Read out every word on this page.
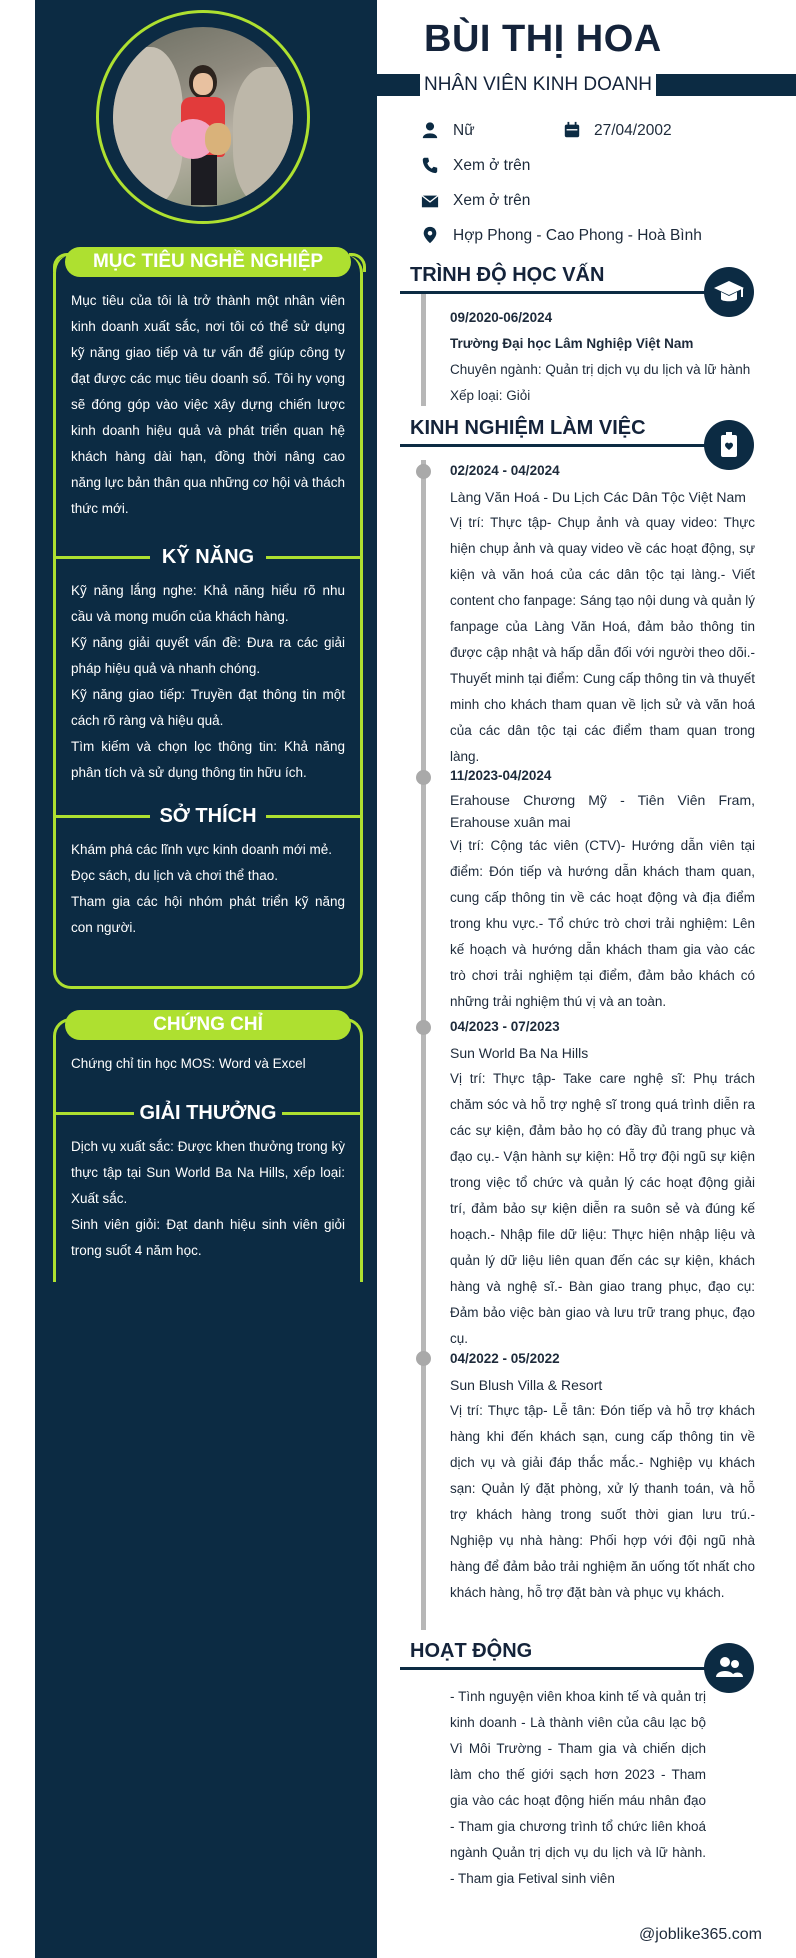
MỤC TIÊU NGHỀ NGHIỆP
Mục tiêu của tôi là trở thành một nhân viên kinh doanh xuất sắc, nơi tôi có thể sử dụng kỹ năng giao tiếp và tư vấn để giúp công ty đạt được các mục tiêu doanh số. Tôi hy vọng sẽ đóng góp vào việc xây dựng chiến lược kinh doanh hiệu quả và phát triển quan hệ khách hàng dài hạn, đồng thời nâng cao năng lực bản thân qua những cơ hội và thách thức mới.
KỸ NĂNG

Kỹ năng lắng nghe: Khả năng hiểu rõ nhu cầu và mong muốn của khách hàng.

Kỹ năng giải quyết vấn đề: Đưa ra các giải pháp hiệu quả và nhanh chóng.

Kỹ năng giao tiếp: Truyền đạt thông tin một cách rõ ràng và hiệu quả.

Tìm kiếm và chọn lọc thông tin: Khả năng phân tích và sử dụng thông tin hữu ích.

SỞ THÍCH

Khám phá các lĩnh vực kinh doanh mới mẻ.

Đọc sách, du lịch và chơi thể thao.

Tham gia các hội nhóm phát triển kỹ năng con người.

CHỨNG CHỈ

Chứng chỉ tin học MOS: Word và Excel

GIẢI THƯỞNG

Dịch vụ xuất sắc: Được khen thưởng trong kỳ thực tập tại Sun World Ba Na Hills, xếp loại: Xuất sắc.

Sinh viên giỏi: Đạt danh hiệu sinh viên giỏi trong suốt 4 năm học.

BÙI THỊ HOA
NHÂN VIÊN KINH DOANH
Nữ	27/04/2002
Xem ở trên
Xem ở trên
Hợp Phong - Cao Phong - Hoà Bình
TRÌNH ĐỘ HỌC VẤN

09/2020-06/2024

Trường Đại học Lâm Nghiệp Việt Nam

Chuyên ngành: Quản trị dịch vụ du lịch và lữ hành

Xếp loại: Giỏi

KINH NGHIỆM LÀM VIỆC

02/2024 - 04/2024

Làng Văn Hoá - Du Lịch Các Dân Tộc Việt Nam

Vị trí: Thực tập- Chụp ảnh và quay video: Thực hiện chụp ảnh và quay video về các hoạt động, sự kiện và văn hoá của các dân tộc tại làng.- Viết content cho fanpage: Sáng tạo nội dung và quản lý fanpage của Làng Văn Hoá, đảm bảo thông tin được cập nhật và hấp dẫn đối với người theo dõi.- Thuyết minh tại điểm: Cung cấp thông tin và thuyết minh cho khách tham quan về lịch sử và văn hoá của các dân tộc tại các điểm tham quan trong làng.

11/2023-04/2024

Erahouse Chương Mỹ - Tiên Viên Fram, Erahouse xuân mai

Vị trí: Cộng tác viên (CTV)- Hướng dẫn viên tại điểm: Đón tiếp và hướng dẫn khách tham quan, cung cấp thông tin về các hoạt động và địa điểm trong khu vực.- Tổ chức trò chơi trải nghiệm: Lên kế hoạch và hướng dẫn khách tham gia vào các trò chơi trải nghiệm tại điểm, đảm bảo khách có những trải nghiệm thú vị và an toàn.

04/2023 - 07/2023

Sun World Ba Na Hills

Vị trí: Thực tập- Take care nghệ sĩ: Phụ trách chăm sóc và hỗ trợ nghệ sĩ trong quá trình diễn ra các sự kiện, đảm bảo họ có đầy đủ trang phục và đạo cụ.- Vận hành sự kiện: Hỗ trợ đội ngũ sự kiện trong việc tổ chức và quản lý các hoạt động giải trí, đảm bảo sự kiện diễn ra suôn sẻ và đúng kế hoạch.- Nhập file dữ liệu: Thực hiện nhập liệu và quản lý dữ liệu liên quan đến các sự kiện, khách hàng và nghệ sĩ.- Bàn giao trang phục, đạo cụ: Đảm bảo việc bàn giao và lưu trữ trang phục, đạo cụ.

04/2022 - 05/2022

Sun Blush Villa & Resort

Vị trí: Thực tập- Lễ tân: Đón tiếp và hỗ trợ khách hàng khi đến khách sạn, cung cấp thông tin về dịch vụ và giải đáp thắc mắc.- Nghiệp vụ khách sạn: Quản lý đặt phòng, xử lý thanh toán, và hỗ trợ khách hàng trong suốt thời gian lưu trú.- Nghiệp vụ nhà hàng: Phối hợp với đội ngũ nhà hàng để đảm bảo trải nghiệm ăn uống tốt nhất cho khách hàng, hỗ trợ đặt bàn và phục vụ khách.

HOẠT ĐỘNG
- Tình nguyện viên khoa kinh tế và quản trị kinh doanh - Là thành viên của câu lạc bộ Vì Môi Trường - Tham gia và chiến dịch làm cho thế giới sạch hơn 2023 - Tham gia vào các hoạt động hiến máu nhân đạo - Tham gia chương trình tổ chức liên khoá ngành Quản trị dịch vụ du lịch và lữ hành. - Tham gia Fetival sinh viên
@joblike365.com
